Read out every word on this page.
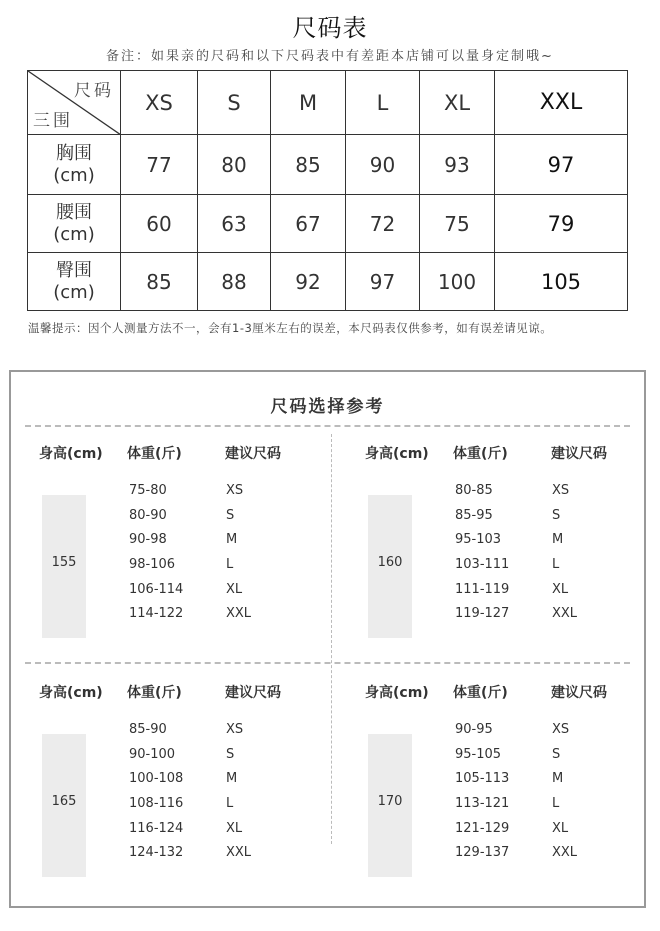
尺码表
备注：如果亲的尺码和以下尺码表中有差距本店铺可以量身定制哦~
尺码
三围	XS	S	M	L	XL	XXL

胸围
(cm)	77	80	85	90	93	97

腰围
(cm)	60	63	67	72	75	79

臀围
(cm)	85	88	92	97	100	105
温馨提示：因个人测量方法不一，会有1-3厘米左右的误差，本尺码表仅供参考，如有误差请见谅。
尺码选择参考
身高(cm) 体重(斤)	建议尺码
155
75-80	XS
80-90	S
90-98	M
98-106	L
106-114	XL
114-122	XXL
身高(cm) 体重(斤)	建议尺码
160
80-85	XS
85-95	S
95-103	M
103-111	L
111-119	XL
119-127	XXL
身高(cm) 体重(斤)	建议尺码
165
85-90	XS
90-100	S
100-108	M
108-116	L
116-124	XL
124-132	XXL
身高(cm) 体重(斤)	建议尺码
170
90-95	XS
95-105	S
105-113	M
113-121	L
121-129	XL
129-137	XXL
